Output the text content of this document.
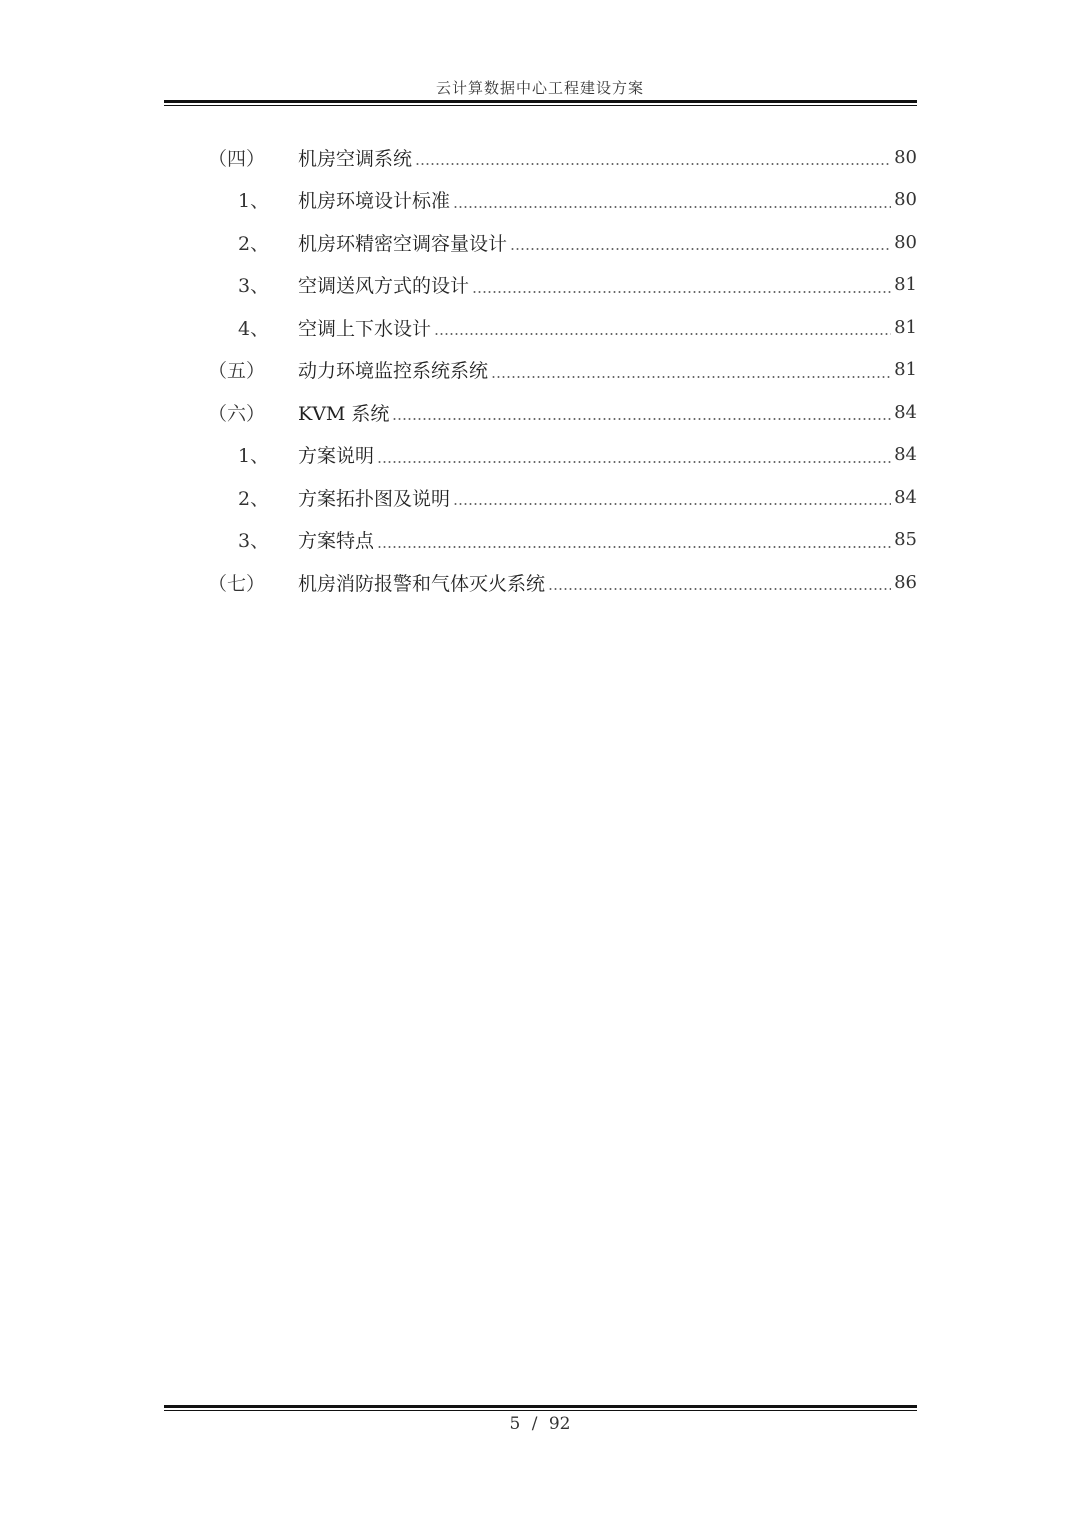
云计算数据中心工程建设方案
（四）	机房空调系统	80
1、	机房环境设计标准	80
2、	机房环精密空调容量设计	80
3、	空调送风方式的设计	81
4、	空调上下水设计	81
（五）	动力环境监控系统系统	81
（六）	KVM 系统	84
1、	方案说明	84
2、	方案拓扑图及说明	84
3、	方案特点	85
（七）	机房消防报警和气体灭火系统	86
5 / 92
